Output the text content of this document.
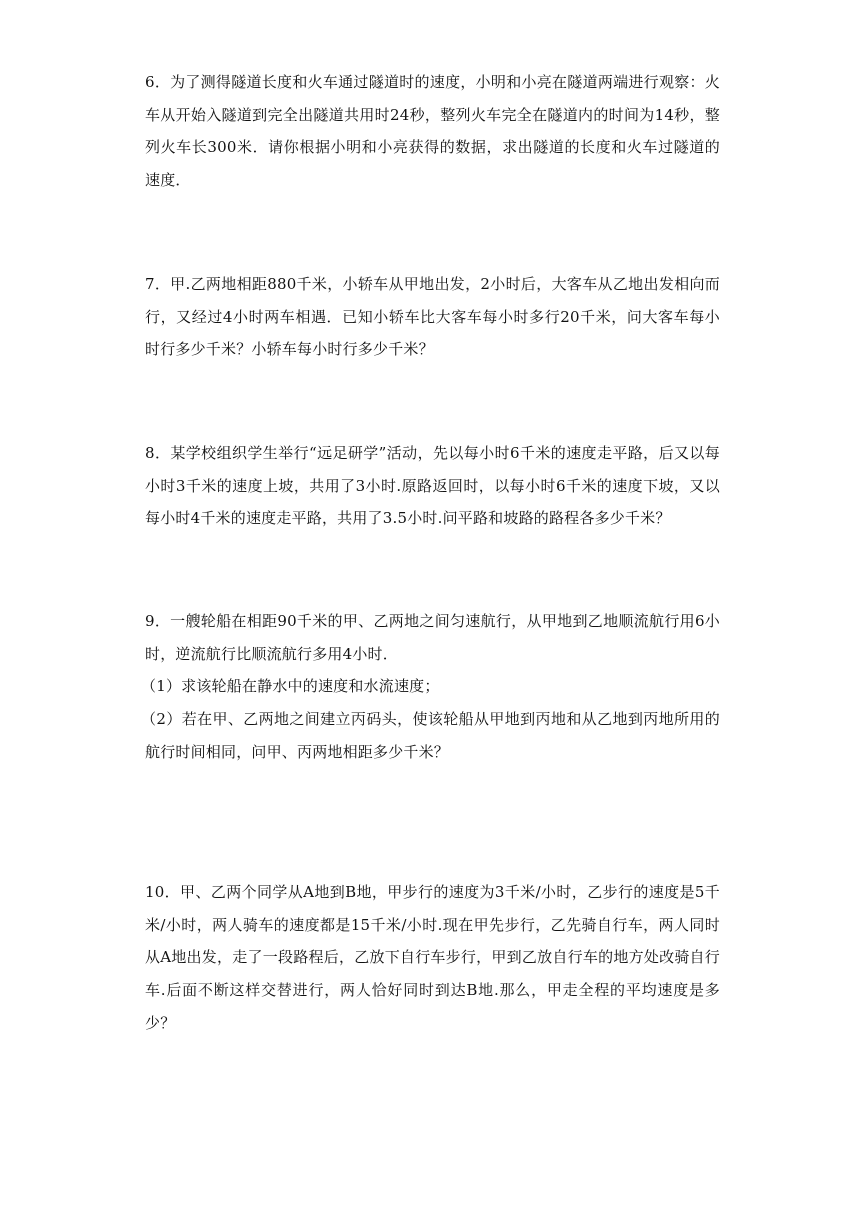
6．为了测得隧道长度和火车通过隧道时的速度，小明和小亮在隧道两端进行观察：火车从开始入隧道到完全出隧道共用时24秒，整列火车完全在隧道内的时间为14秒，整列火车长300米．请你根据小明和小亮获得的数据，求出隧道的长度和火车过隧道的速度．

7．甲.乙两地相距880千米，小轿车从甲地出发，2小时后，大客车从乙地出发相向而行，又经过4小时两车相遇．已知小轿车比大客车每小时多行20千米，问大客车每小时行多少千米？小轿车每小时行多少千米？

8．某学校组织学生举行“远足研学”活动，先以每小时6千米的速度走平路，后又以每小时3千米的速度上坡，共用了3小时.原路返回时，以每小时6千米的速度下坡，又以每小时4千米的速度走平路，共用了3.5小时.问平路和坡路的路程各多少千米？

9．一艘轮船在相距90千米的甲、乙两地之间匀速航行，从甲地到乙地顺流航行用6小时，逆流航行比顺流航行多用4小时．

（1）求该轮船在静水中的速度和水流速度；

（2）若在甲、乙两地之间建立丙码头，使该轮船从甲地到丙地和从乙地到丙地所用的航行时间相同，问甲、丙两地相距多少千米？

10．甲、乙两个同学从A地到B地，甲步行的速度为3千米/小时，乙步行的速度是5千米/小时，两人骑车的速度都是15千米/小时.现在甲先步行，乙先骑自行车，两人同时从A地出发，走了一段路程后，乙放下自行车步行，甲到乙放自行车的地方处改骑自行车.后面不断这样交替进行，两人恰好同时到达B地.那么，甲走全程的平均速度是多少？
